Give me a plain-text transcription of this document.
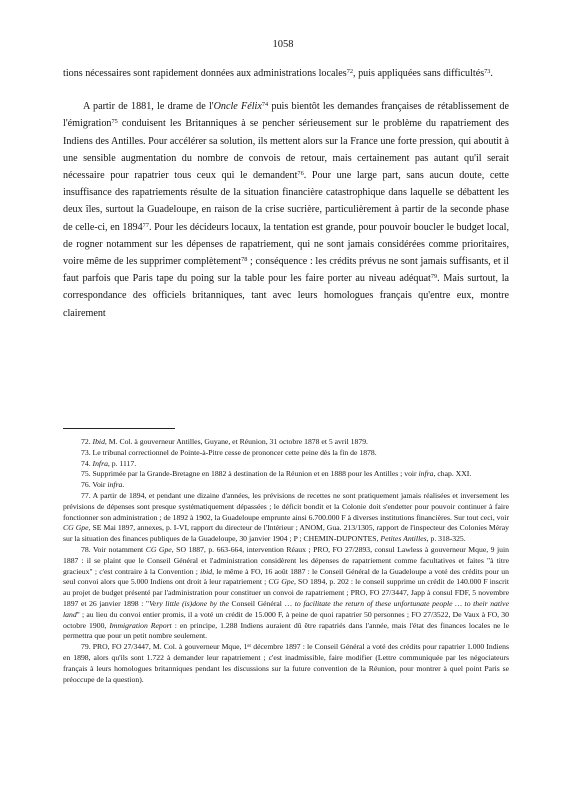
1058

tions nécessaires sont rapidement données aux administrations locales$^{72}$, puis appliquées sans difficultés$^{73}$.

A partir de 1881, le drame de l'Oncle Félix$^{74}$ puis bientôt les demandes françaises de rétablissement de l'émigration$^{75}$ conduisent les Britanniques à se pencher sérieusement sur le problème du rapatriement des Indiens des Antilles. Pour accélérer sa solution, ils mettent alors sur la France une forte pression, qui aboutit à une sensible augmentation du nombre de convois de retour, mais certainement pas autant qu'il serait nécessaire pour rapatrier tous ceux qui le demandent$^{76}$. Pour une large part, sans aucun doute, cette insuffisance des rapatriements résulte de la situation financière catastrophique dans laquelle se débattent les deux îles, surtout la Guadeloupe, en raison de la crise sucrière, particulièrement à partir de la seconde phase de celle-ci, en 1894$^{77}$. Pour les décideurs locaux, la tentation est grande, pour pouvoir boucler le budget local, de rogner notamment sur les dépenses de rapatriement, qui ne sont jamais considérées comme prioritaires, voire même de les supprimer complètement$^{78}$ ; conséquence : les crédits prévus ne sont jamais suffisants, et il faut parfois que Paris tape du poing sur la table pour les faire porter au niveau adéquat$^{79}$. Mais surtout, la correspondance des officiels britanniques, tant avec leurs homologues français qu'entre eux, montre clairement

72. Ibid, M. Col. à gouverneur Antilles, Guyane, et Réunion, 31 octobre 1878 et 5 avril 1879.

73. Le tribunal correctionnel de Pointe-à-Pitre cesse de prononcer cette peine dès la fin de 1878.

74. Infra, p. 1117.

75. Supprimée par la Grande-Bretagne en 1882 à destination de la Réunion et en 1888 pour les Antilles ; voir infra, chap. XXI.

76. Voir infra.

77. A partir de 1894, et pendant une dizaine d'années, les prévisions de recettes ne sont pratiquement jamais réalisées et inversement les prévisions de dépenses sont presque systématiquement dépassées ; le déficit bondit et la Colonie doit s'endetter pour pouvoir continuer à faire fonctionner son administration ; de 1892 à 1902, la Guadeloupe emprunte ainsi 6.700.000 F à diverses institutions financières. Sur tout ceci, voir CG Gpe, SE Mai 1897, annexes, p. I-VI, rapport du directeur de l'Intérieur ; ANOM, Gua. 213/1305, rapport de l'inspecteur des Colonies Méray sur la situation des finances publiques de la Guadeloupe, 30 janvier 1904 ; P ; CHEMIN-DUPONTES, Petites Antilles, p. 318-325.

78. Voir notamment CG Gpe, SO 1887, p. 663-664, intervention Réaux ; PRO, FO 27/2893, consul Lawless à gouverneur Mque, 9 juin 1887 : il se plaint que le Conseil Général et l'administration considèrent les dépenses de rapatriement comme facultatives et faites "à titre gracieux" ; c'est contraire à la Convention ; ibid, le même à FO, 16 août 1887 : le Conseil Général de la Guadeloupe a voté des crédits pour un seul convoi alors que 5.000 Indiens ont droit à leur rapatriement ; CG Gpe, SO 1894, p. 202 : le conseil supprime un crédit de 140.000 F inscrit au projet de budget présenté par l'administration pour constituer un convoi de rapatriement ; PRO, FO 27/3447, Japp à consul FDF, 5 novembre 1897 et 26 janvier 1898 : "Very little (is)done by the Conseil Général … to facilitate the return of these unfortunate people … to their native land" ; au lieu du convoi entier promis, il a voté un crédit de 15.000 F, à peine de quoi rapatrier 50 personnes ; FO 27/3522, De Vaux à FO, 30 octobre 1900, Immigration Report : en principe, 1.288 Indiens auraient dû être rapatriés dans l'année, mais l'état des finances locales ne le permettra que pour un petit nombre seulement.

79. PRO, FO 27/3447, M. Col. à gouverneur Mque, 1er décembre 1897 : le Conseil Général a voté des crédits pour rapatrier 1.000 Indiens en 1898, alors qu'ils sont 1.722 à demander leur rapatriement ; c'est inadmissible, faire modifier (Lettre communiquée par les négociateurs français à leurs homologues britanniques pendant les discussions sur la future convention de la Réunion, pour montrer à quel point Paris se préoccupe de la question).
